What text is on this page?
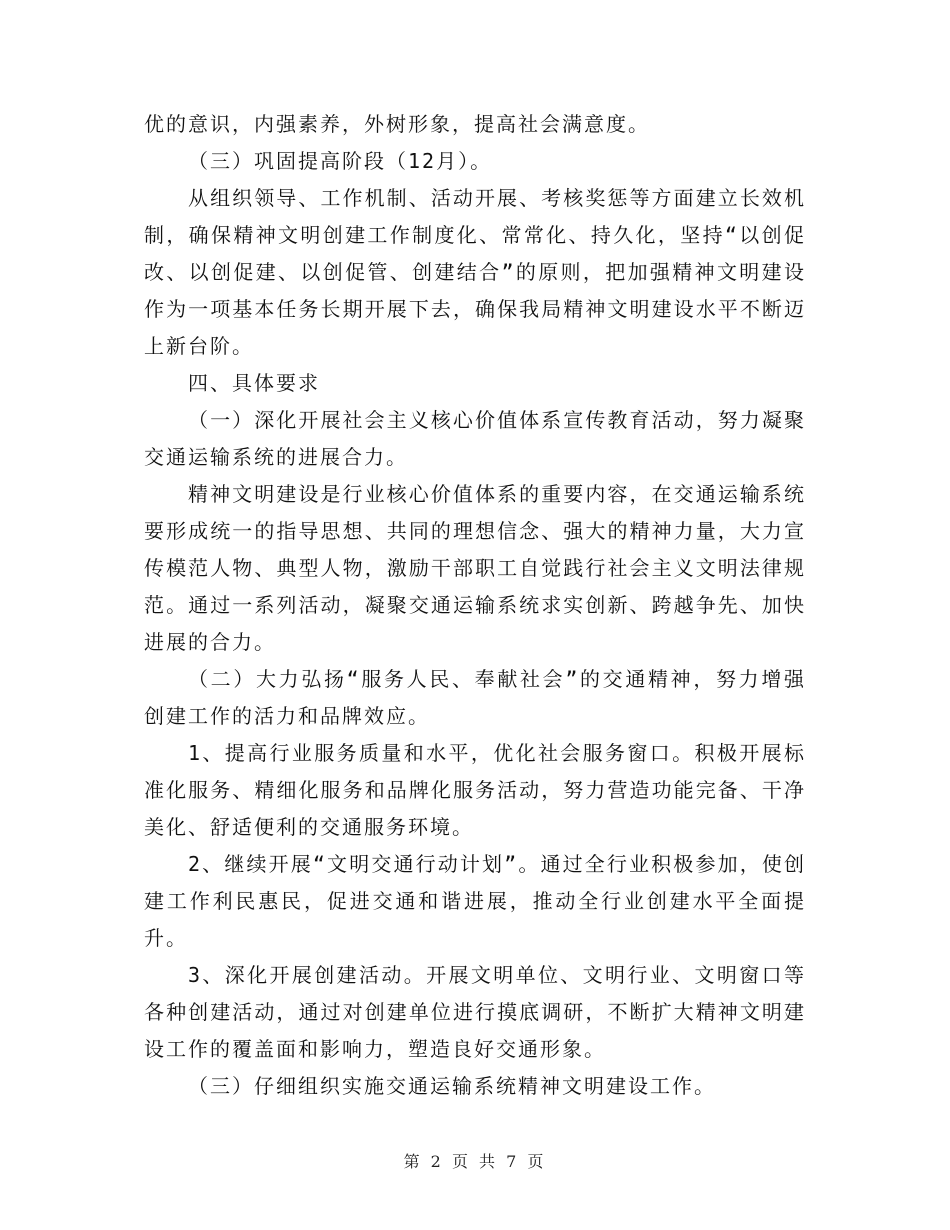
优的意识，内强素养，外树形象，提高社会满意度。

（三）巩固提高阶段（12月）。

从组织领导、工作机制、活动开展、考核奖惩等方面建立长效机制，确保精神文明创建工作制度化、常常化、持久化，坚持“以创促改、以创促建、以创促管、创建结合”的原则，把加强精神文明建设作为一项基本任务长期开展下去，确保我局精神文明建设水平不断迈上新台阶。

四、具体要求

（一）深化开展社会主义核心价值体系宣传教育活动，努力凝聚交通运输系统的进展合力。

精神文明建设是行业核心价值体系的重要内容，在交通运输系统要形成统一的指导思想、共同的理想信念、强大的精神力量，大力宣传模范人物、典型人物，激励干部职工自觉践行社会主义文明法律规范。通过一系列活动，凝聚交通运输系统求实创新、跨越争先、加快进展的合力。

（二）大力弘扬“服务人民、奉献社会”的交通精神，努力增强创建工作的活力和品牌效应。

1、提高行业服务质量和水平，优化社会服务窗口。积极开展标准化服务、精细化服务和品牌化服务活动，努力营造功能完备、干净美化、舒适便利的交通服务环境。

2、继续开展“文明交通行动计划”。通过全行业积极参加，使创建工作利民惠民，促进交通和谐进展，推动全行业创建水平全面提升。

3、深化开展创建活动。开展文明单位、文明行业、文明窗口等各种创建活动，通过对创建单位进行摸底调研，不断扩大精神文明建设工作的覆盖面和影响力，塑造良好交通形象。

（三）仔细组织实施交通运输系统精神文明建设工作。

第 2 页 共 7 页
